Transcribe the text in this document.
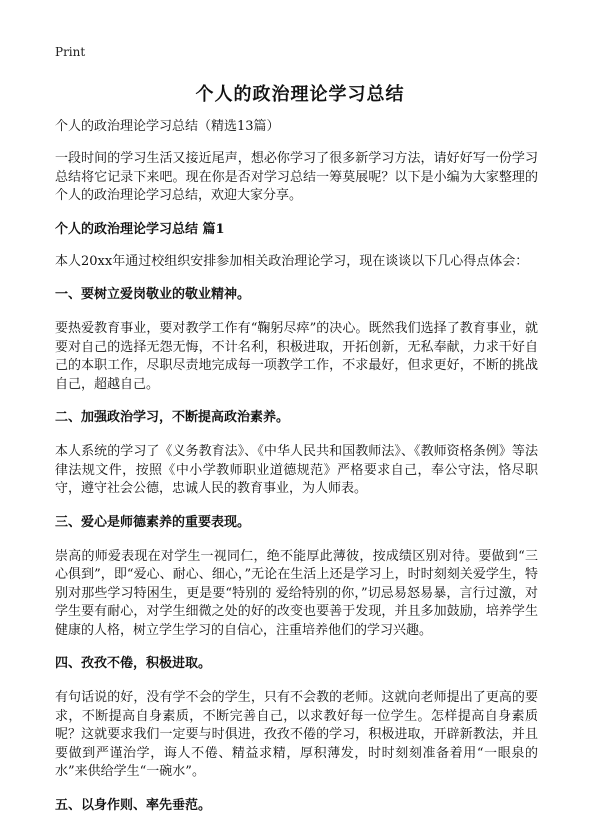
Print
个人的政治理论学习总结
个人的政治理论学习总结（精选13篇）

一段时间的学习生活又接近尾声，想必你学习了很多新学习方法，请好好写一份学习总结将它记录下来吧。现在你是否对学习总结一筹莫展呢？以下是小编为大家整理的个人的政治理论学习总结，欢迎大家分享。

个人的政治理论学习总结 篇1

本人20xx年通过校组织安排参加相关政治理论学习，现在谈谈以下几心得点体会：

一、要树立爱岗敬业的敬业精神。

要热爱教育事业，要对教学工作有“鞠躬尽瘁”的决心。既然我们选择了教育事业，就要对自己的选择无怨无悔，不计名利，积极进取，开拓创新，无私奉献，力求干好自己的本职工作，尽职尽责地完成每一项教学工作，不求最好，但求更好，不断的挑战自己，超越自己。

二、加强政治学习，不断提高政治素养。

本人系统的学习了《义务教育法》、《中华人民共和国教师法》、《教师资格条例》等法律法规文件，按照《中小学教师职业道德规范》严格要求自己，奉公守法，恪尽职守，遵守社会公德，忠诚人民的教育事业，为人师表。

三、爱心是师德素养的重要表现。

崇高的师爱表现在对学生一视同仁，绝不能厚此薄彼，按成绩区别对待。要做到“三心俱到”，即“爱心、耐心、细心，”无论在生活上还是学习上，时时刻刻关爱学生，特别对那些学习特困生，更是要“特别的 爱给特别的你，”切忌易怒易暴，言行过激，对学生要有耐心，对学生细微之处的好的改变也要善于发现，并且多加鼓励，培养学生健康的人格，树立学生学习的自信心，注重培养他们的学习兴趣。

四、孜孜不倦，积极进取。

有句话说的好，没有学不会的学生，只有不会教的老师。这就向老师提出了更高的要求，不断提高自身素质，不断完善自己，以求教好每一位学生。怎样提高自身素质呢？这就要求我们一定要与时俱进，孜孜不倦的学习，积极进取，开辟新教法，并且要做到严谨治学，诲人不倦、精益求精，厚积薄发，时时刻刻准备着用“一眼泉的水”来供给学生“一碗水”。

五、以身作则、率先垂范。
